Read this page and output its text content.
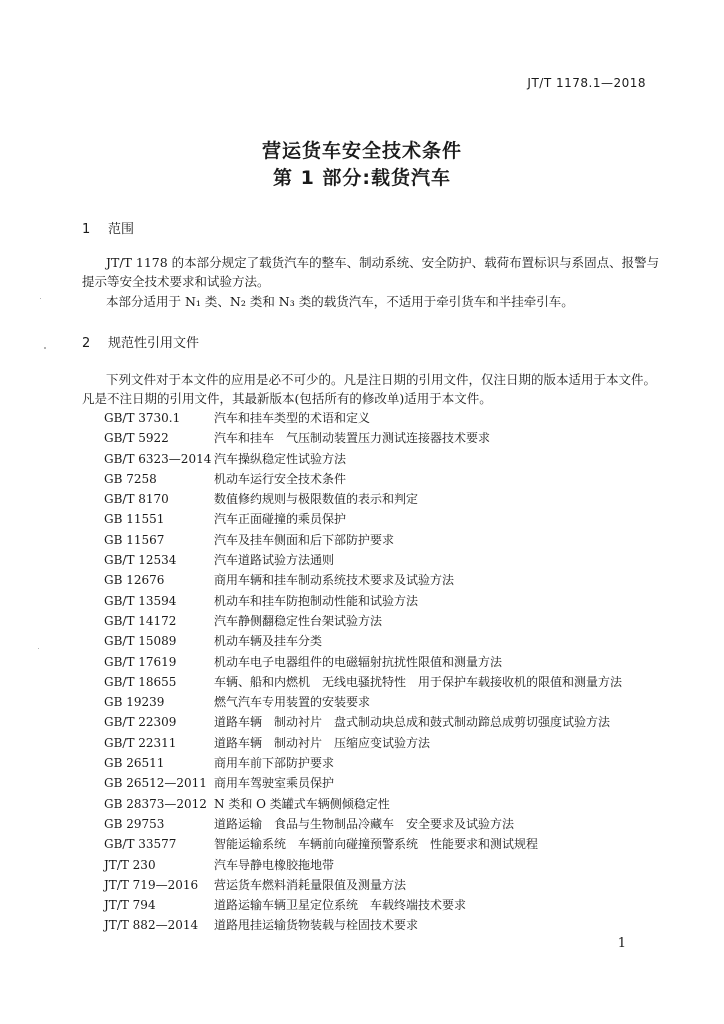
JT/T 1178.1—2018
营运货车安全技术条件
第 1 部分:载货汽车
1 范围
JT/T 1178 的本部分规定了载货汽车的整车、制动系统、安全防护、载荷布置标识与系固点、报警与提示等安全技术要求和试验方法。
本部分适用于 N₁ 类、N₂ 类和 N₃ 类的载货汽车，不适用于牵引货车和半挂牵引车。
2 规范性引用文件
下列文件对于本文件的应用是必不可少的。凡是注日期的引用文件，仅注日期的版本适用于本文件。凡是不注日期的引用文件，其最新版本(包括所有的修改单)适用于本文件。
GB/T 3730.1	汽车和挂车类型的术语和定义
GB/T 5922	汽车和挂车　气压制动装置压力测试连接器技术要求
GB/T 6323—2014 汽车操纵稳定性试验方法
GB 7258	机动车运行安全技术条件
GB/T 8170	数值修约规则与极限数值的表示和判定
GB 11551	汽车正面碰撞的乘员保护
GB 11567	汽车及挂车侧面和后下部防护要求
GB/T 12534	汽车道路试验方法通则
GB 12676	商用车辆和挂车制动系统技术要求及试验方法
GB/T 13594	机动车和挂车防抱制动性能和试验方法
GB/T 14172	汽车静侧翻稳定性台架试验方法
GB/T 15089	机动车辆及挂车分类
GB/T 17619	机动车电子电器组件的电磁辐射抗扰性限值和测量方法
GB/T 18655	车辆、船和内燃机　无线电骚扰特性　用于保护车载接收机的限值和测量方法
GB 19239	燃气汽车专用装置的安装要求
GB/T 22309	道路车辆　制动衬片　盘式制动块总成和鼓式制动蹄总成剪切强度试验方法
GB/T 22311	道路车辆　制动衬片　压缩应变试验方法
GB 26511	商用车前下部防护要求
GB 26512—2011 商用车驾驶室乘员保护
GB 28373—2012 N 类和 O 类罐式车辆侧倾稳定性
GB 29753	道路运输　食品与生物制品冷藏车　安全要求及试验方法
GB/T 33577	智能运输系统　车辆前向碰撞预警系统　性能要求和测试规程
JT/T 230	汽车导静电橡胶拖地带
JT/T 719—2016	营运货车燃料消耗量限值及测量方法
JT/T 794	道路运输车辆卫星定位系统　车载终端技术要求
JT/T 882—2014	道路甩挂运输货物装载与栓固技术要求
1
